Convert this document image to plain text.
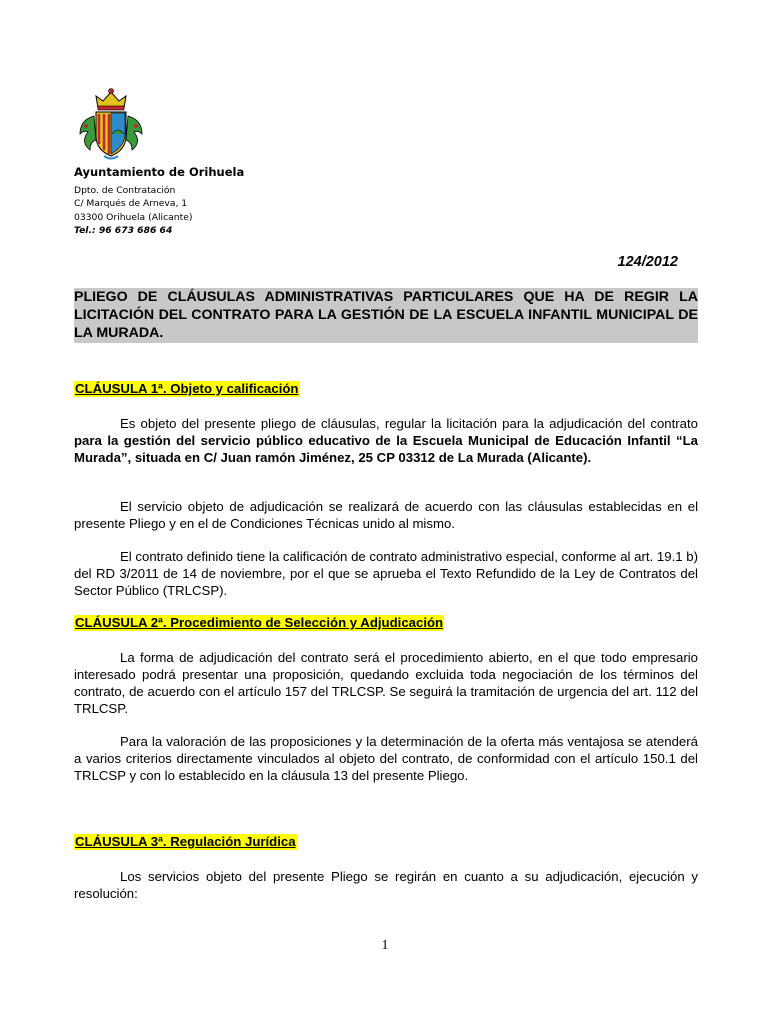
Ayuntamiento de Orihuela
Dpto. de Contratación
C/ Marqués de Arneva, 1
03300 Orihuela (Alicante)
Tel.: 96 673 686 64
124/2012
PLIEGO DE CLÁUSULAS ADMINISTRATIVAS PARTICULARES QUE HA DE REGIR LA LICITACIÓN DEL CONTRATO PARA LA GESTIÓN DE LA ESCUELA INFANTIL MUNICIPAL DE LA MURADA.
CLÁUSULA 1ª. Objeto y calificación

Es objeto del presente pliego de cláusulas, regular la licitación para la adjudicación del contrato para la gestión del servicio público educativo de la Escuela Municipal de Educación Infantil “La Murada”, situada en C/ Juan ramón Jiménez, 25 CP 03312 de La Murada (Alicante).

El servicio objeto de adjudicación se realizará de acuerdo con las cláusulas establecidas en el presente Pliego y en el de Condiciones Técnicas unido al mismo.

El contrato definido tiene la calificación de contrato administrativo especial, conforme al art. 19.1 b) del RD 3/2011 de 14 de noviembre, por el que se aprueba el Texto Refundido de la Ley de Contratos del Sector Público (TRLCSP).

CLÁUSULA 2ª. Procedimiento de Selección y Adjudicación

La forma de adjudicación del contrato será el procedimiento abierto, en el que todo empresario interesado podrá presentar una proposición, quedando excluida toda negociación de los términos del contrato, de acuerdo con el artículo 157 del TRLCSP. Se seguirá la tramitación de urgencia del art. 112 del TRLCSP.

Para la valoración de las proposiciones y la determinación de la oferta más ventajosa se atenderá a varios criterios directamente vinculados al objeto del contrato, de conformidad con el artículo 150.1 del TRLCSP y con lo establecido en la cláusula 13 del presente Pliego.

CLÁUSULA 3ª. Regulación Jurídica

Los servicios objeto del presente Pliego se regirán en cuanto a su adjudicación, ejecución y resolución:

1
